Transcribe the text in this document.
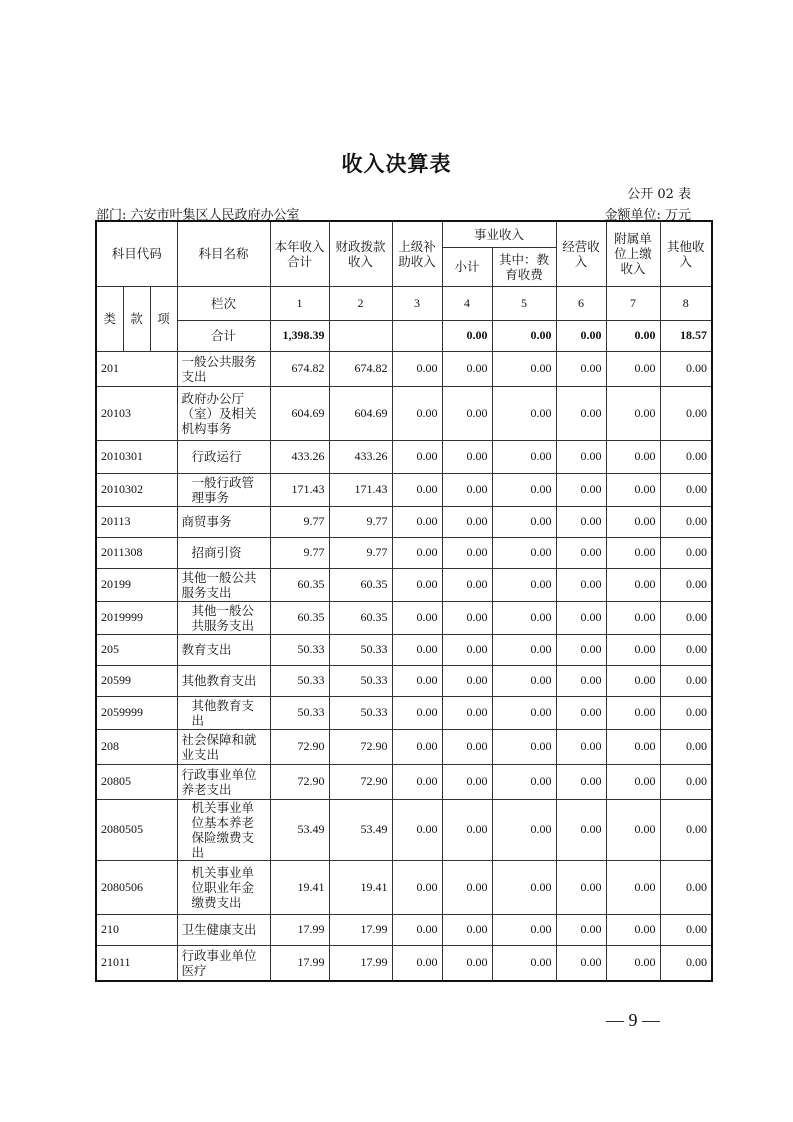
收入决算表
公开 02 表
部门: 六安市叶集区人民政府办公室	金额单位: 万元
科目代码			科目名称	本年收入合计	财政拨款收入	上级补助收入	事业收入		经营收入	附属单位上缴收入	其他收入
							小计	其中：教育收费			
类	款	项	栏次	1	2	3	4	5	6	7	8
			合计	1,398.39			0.00	0.00	0.00	0.00	18.57
201			一般公共服务支出	674.82	674.82	0.00	0.00	0.00	0.00	0.00	0.00
20103			政府办公厅（室）及相关机构事务	604.69	604.69	0.00	0.00	0.00	0.00	0.00	0.00
2010301			行政运行	433.26	433.26	0.00	0.00	0.00	0.00	0.00	0.00
2010302			一般行政管理事务	171.43	171.43	0.00	0.00	0.00	0.00	0.00	0.00
20113			商贸事务	9.77	9.77	0.00	0.00	0.00	0.00	0.00	0.00
2011308			招商引资	9.77	9.77	0.00	0.00	0.00	0.00	0.00	0.00
20199			其他一般公共服务支出	60.35	60.35	0.00	0.00	0.00	0.00	0.00	0.00
2019999			其他一般公共服务支出	60.35	60.35	0.00	0.00	0.00	0.00	0.00	0.00
205			教育支出	50.33	50.33	0.00	0.00	0.00	0.00	0.00	0.00
20599			其他教育支出	50.33	50.33	0.00	0.00	0.00	0.00	0.00	0.00
2059999			其他教育支出	50.33	50.33	0.00	0.00	0.00	0.00	0.00	0.00
208			社会保障和就业支出	72.90	72.90	0.00	0.00	0.00	0.00	0.00	0.00
20805			行政事业单位养老支出	72.90	72.90	0.00	0.00	0.00	0.00	0.00	0.00
2080505			机关事业单位基本养老保险缴费支出	53.49	53.49	0.00	0.00	0.00	0.00	0.00	0.00
2080506			机关事业单位职业年金缴费支出	19.41	19.41	0.00	0.00	0.00	0.00	0.00	0.00
210			卫生健康支出	17.99	17.99	0.00	0.00	0.00	0.00	0.00	0.00
21011			行政事业单位医疗	17.99	17.99	0.00	0.00	0.00	0.00	0.00	0.00
— 9 —
